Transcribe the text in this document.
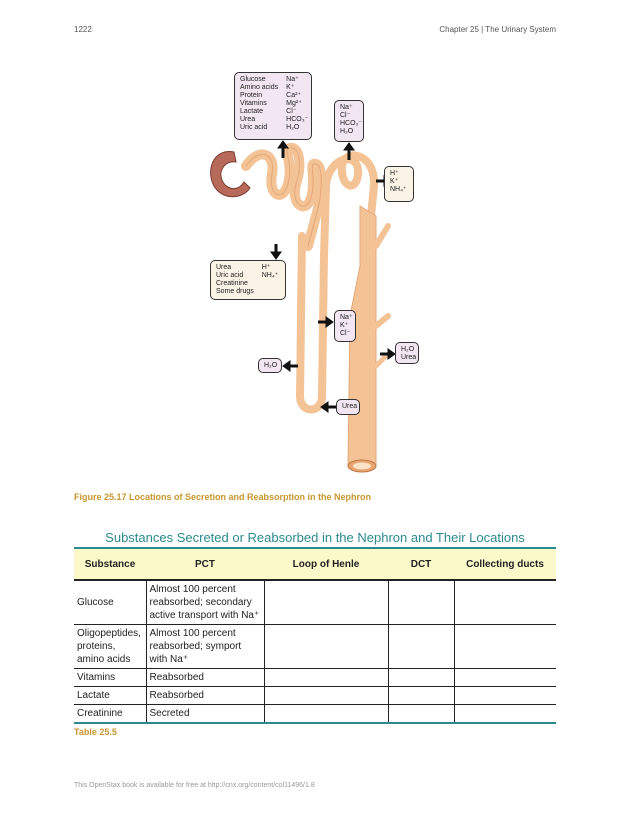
1222	Chapter 25 | The Urinary System
Glucose
Amino acids
Protein
Vitamins
Lactate
Urea
Uric acid
Na⁺
K⁺
Ca²⁺
Mg²⁺
Cl⁻
HCO₃⁻
H₂O
Na⁺
Cl⁻
HCO₃⁻
H₂O
H⁺
K⁺
NH₄⁺
Urea
Uric acid
Creatinine
Some drugs
H⁺
NH₄⁺
Na⁺
K⁺
Cl⁻
H₂O
Urea
H₂O
Urea
Figure 25.17 Locations of Secretion and Reabsorption in the Nephron
Substances Secreted or Reabsorbed in the Nephron and Their Locations
Substance	PCT	Loop of Henle	DCT	Collecting ducts
Glucose	Almost 100 percent reabsorbed; secondary active transport with Na⁺			
Oligopeptides, proteins, amino acids	Almost 100 percent reabsorbed; symport with Na⁺			
Vitamins	Reabsorbed			
Lactate	Reabsorbed			
Creatinine	Secreted			
Table 25.5
This OpenStax book is available for free at http://cnx.org/content/col11496/1.8
